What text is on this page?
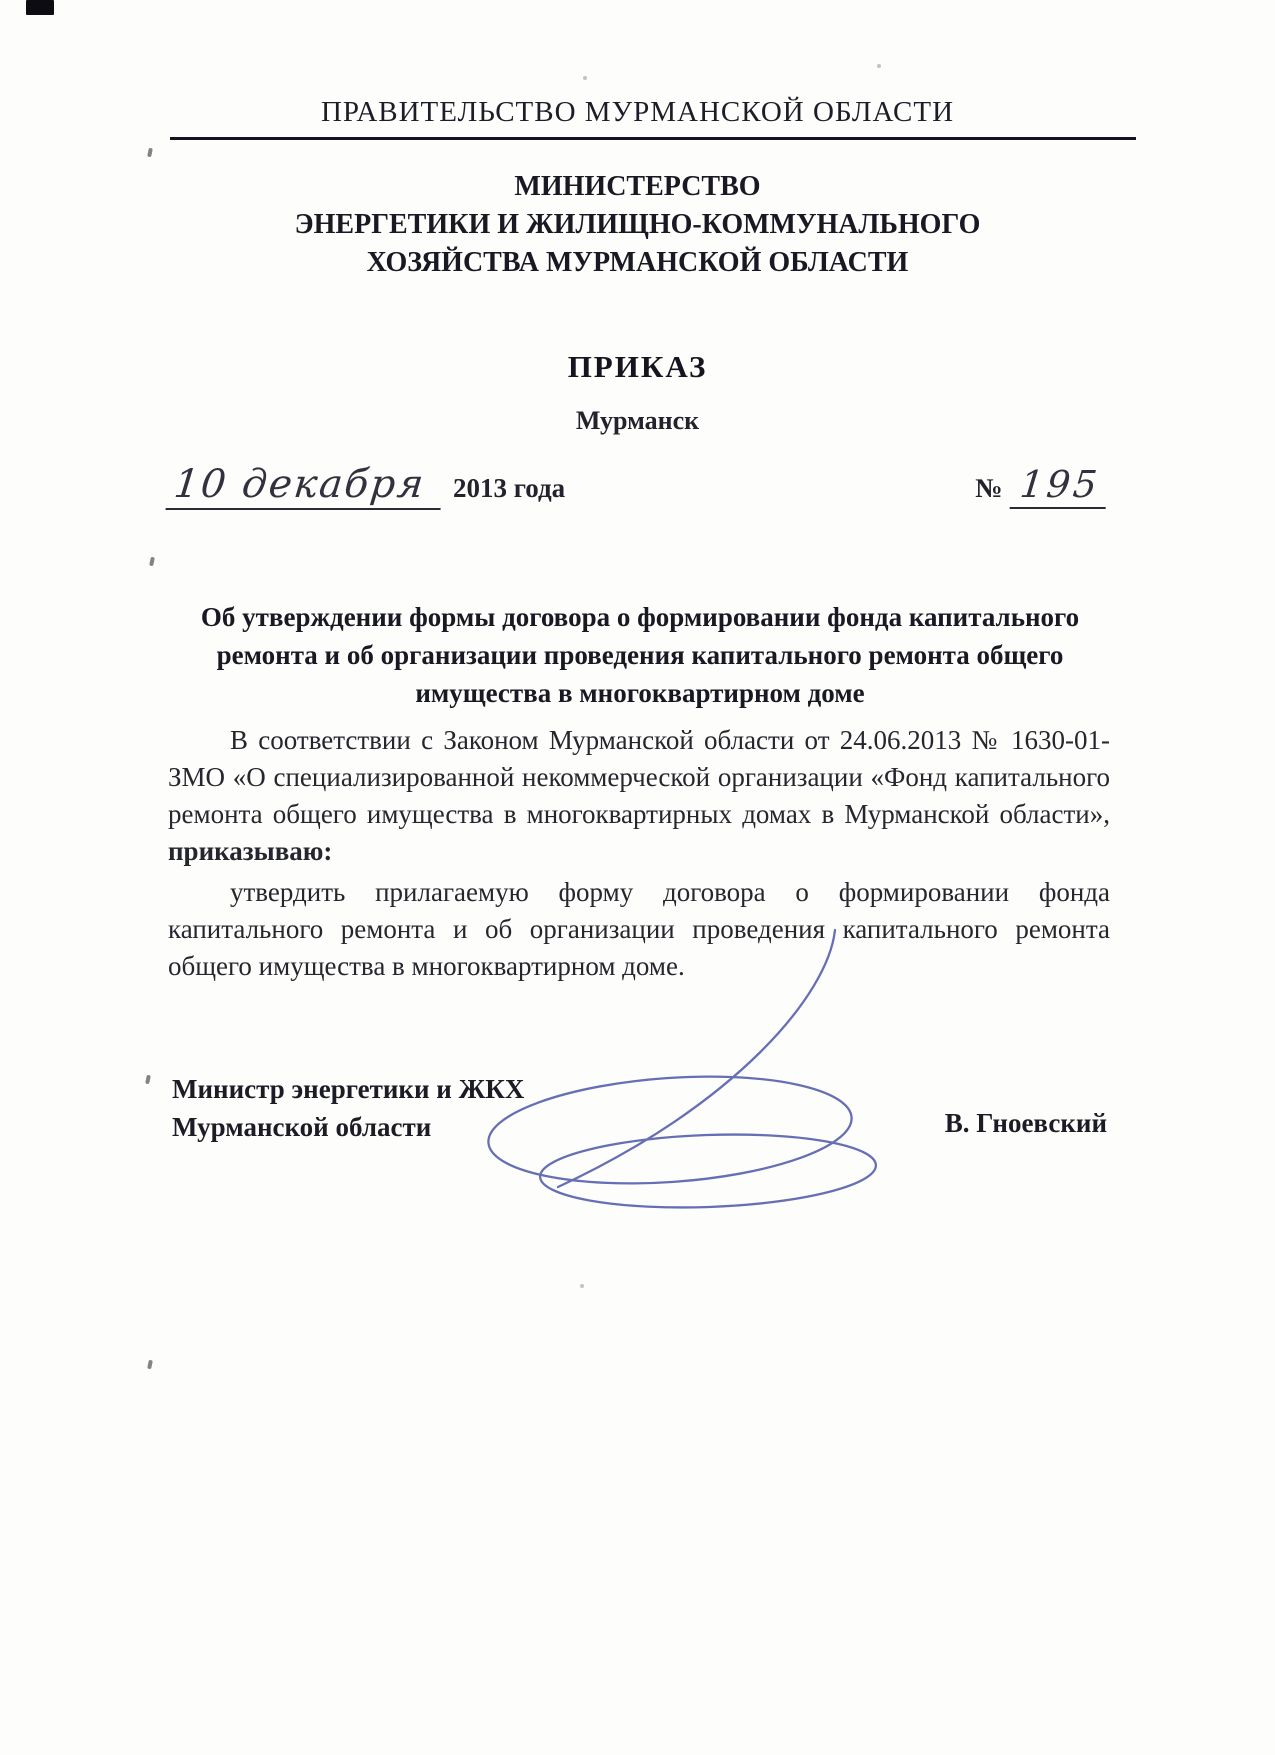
ПРАВИТЕЛЬСТВО МУРМАНСКОЙ ОБЛАСТИ
МИНИСТЕРСТВО
ЭНЕРГЕТИКИ И ЖИЛИЩНО-КОММУНАЛЬНОГО
ХОЗЯЙСТВА МУРМАНСКОЙ ОБЛАСТИ
ПРИКАЗ
Мурманск
10 декабря 2013 года	№ 195
Об утверждении формы договора о формировании фонда капитального ремонта и об организации проведения капитального ремонта общего имущества в многоквартирном доме
В соответствии с Законом Мурманской области от 24.06.2013 № 1630-01-ЗМО «О специализированной некоммерческой организации «Фонд капитального ремонта общего имущества в многоквартирных домах в Мурманской области», приказываю:
утвердить прилагаемую форму договора о формировании фонда капитального ремонта и об организации проведения капитального ремонта общего имущества в многоквартирном доме.
Министр энергетики и ЖКХ
Мурманской области	В. Гноевский
